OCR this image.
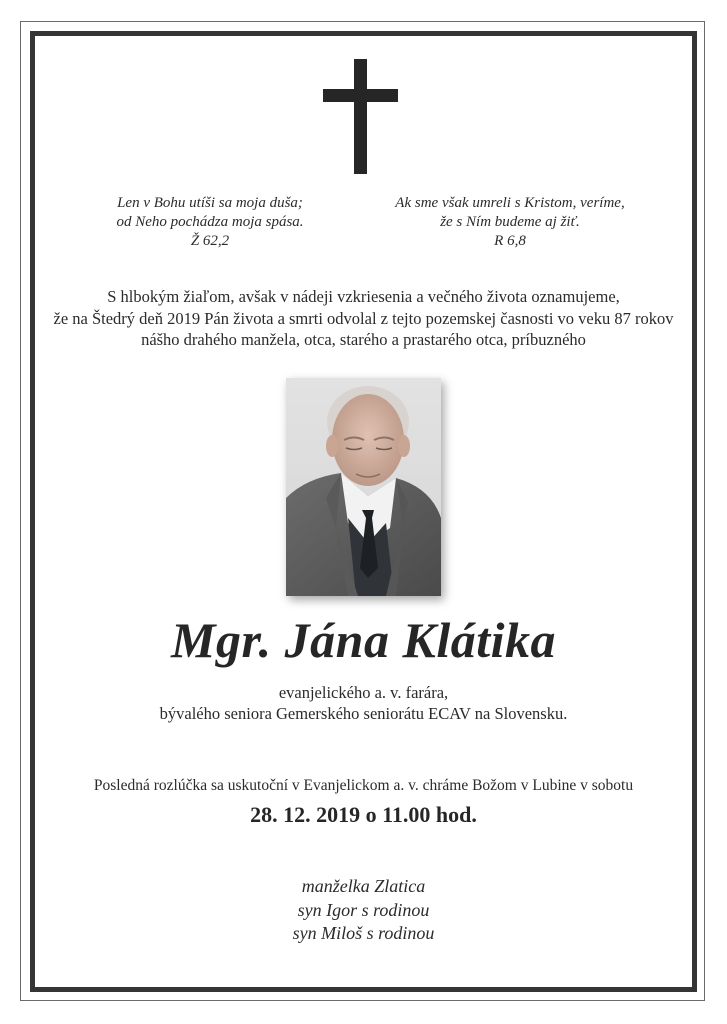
Len v Bohu utíši sa moja duša;
od Neho pochádza moja spása.
Ž 62,2
Ak sme však umreli s Kristom, veríme,
že s Ním budeme aj žiť.
R 6,8
S hlbokým žiaľom, avšak v nádeji vzkriesenia a večného života oznamujeme,
že na Štedrý deň 2019 Pán života a smrti odvolal z tejto pozemskej časnosti vo veku 87 rokov
nášho drahého manžela, otca, starého a prastarého otca, príbuzného
Mgr. Jána Klátika
evanjelického a. v. farára,
bývalého seniora Gemerského seniorátu ECAV na Slovensku.
Posledná rozlúčka sa uskutoční v Evanjelickom a. v. chráme Božom v Lubine v sobotu
28. 12. 2019 o 11.00 hod.
manželka Zlatica
syn Igor s rodinou
syn Miloš s rodinou
